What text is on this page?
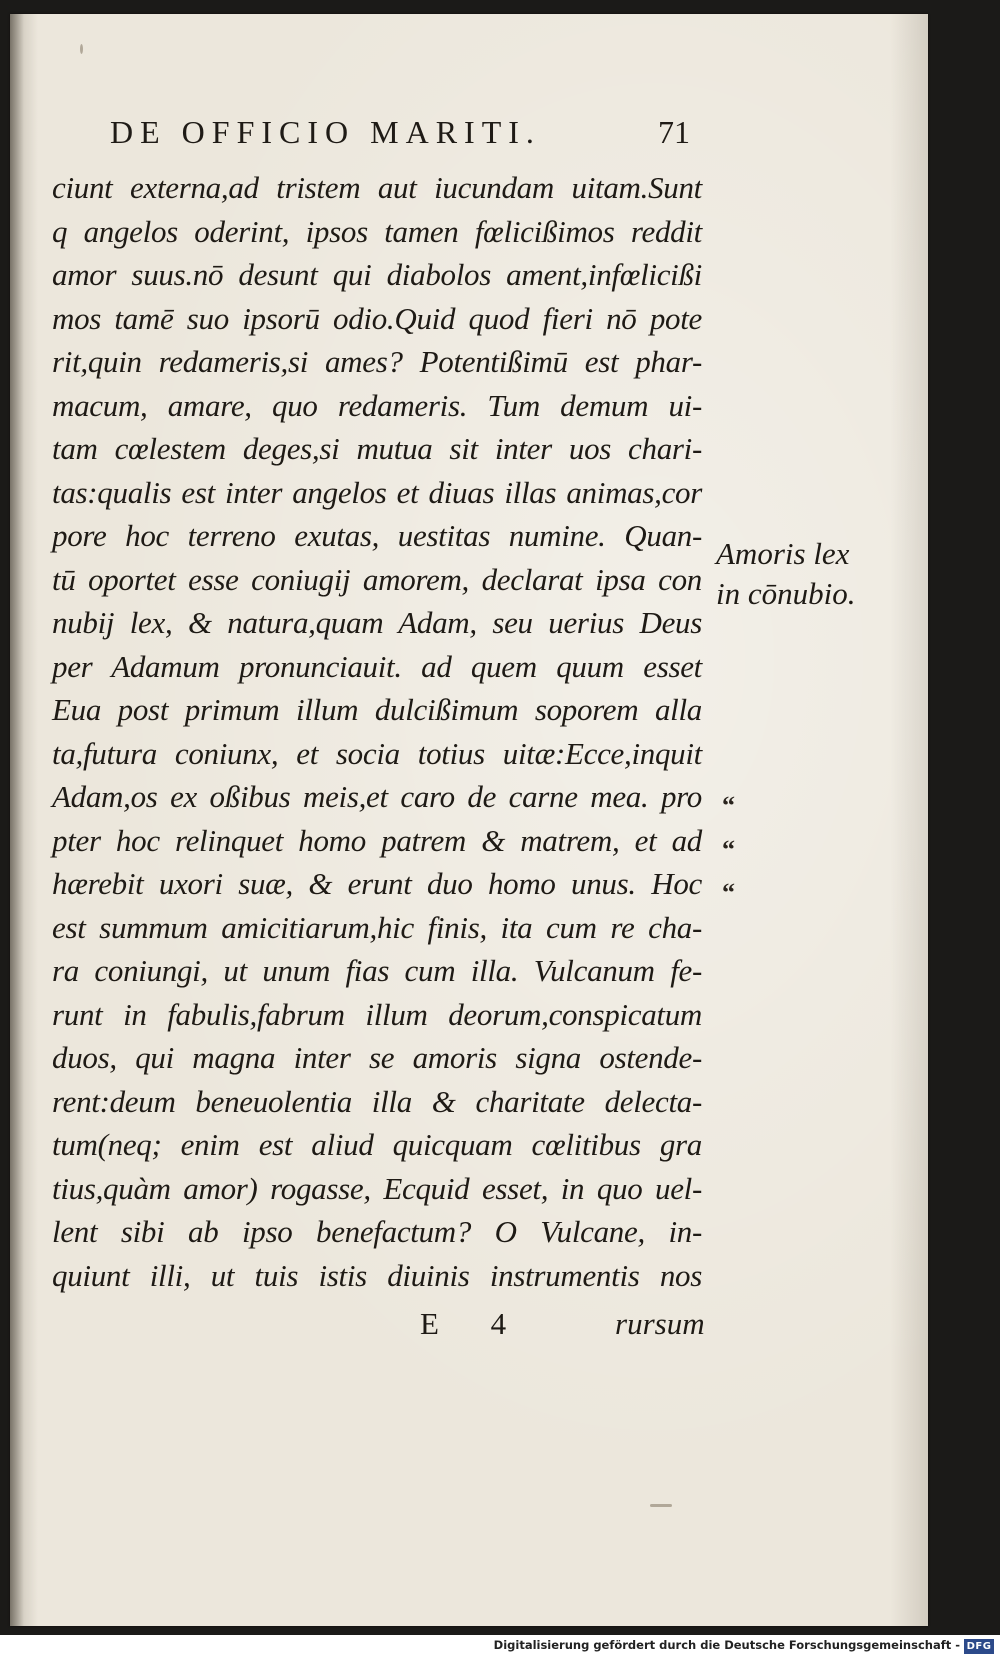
DE OFFICIO MARITI.	71
ciunt externa,ad tristem aut iucundam uitam.Sunt
q angelos oderint, ipsos tamen fœlicißimos reddit
amor suus.nō desunt qui diabolos ament,infœlicißi
mos tamē suo ipsorū odio.Quid quod fieri nō pote
rit,quin redameris,si ames? Potentißimū est phar-
macum, amare, quo redameris. Tum demum ui-
tam cœlestem deges,si mutua sit inter uos chari-
tas:qualis est inter angelos et diuas illas animas,cor
pore hoc terreno exutas, uestitas numine. Quan-
tū oportet esse coniugij amorem, declarat ipsa con
nubij lex, & natura,quam Adam, seu uerius Deus
per Adamum pronunciauit. ad quem quum esset
Eua post primum illum dulcißimum soporem alla
ta,futura coniunx, et socia totius uitæ:Ecce,inquit
Adam,os ex oßibus meis,et caro de carne mea. pro
pter hoc relinquet homo patrem & matrem, et ad
hærebit uxori suæ, & erunt duo homo unus. Hoc
est summum amicitiarum,hic finis, ita cum re cha-
ra coniungi, ut unum fias cum illa. Vulcanum fe-
runt in fabulis,fabrum illum deorum,conspicatum
duos, qui magna inter se amoris signa ostende-
rent:deum beneuolentia illa & charitate delectа-
tum(neq; enim est aliud quicquam cœlitibus gra
tius,quàm amor) rogasse, Ecquid esset, in quo uel-
lent sibi ab ipso benefactum? O Vulcane, in-
quiunt illi, ut tuis istis diuinis instrumentis nos
Amoris lex
in cōnubio.
“
“
“
E 4	rursum
Digitalisierung gefördert durch die Deutsche Forschungsgemeinschaft - DFG
